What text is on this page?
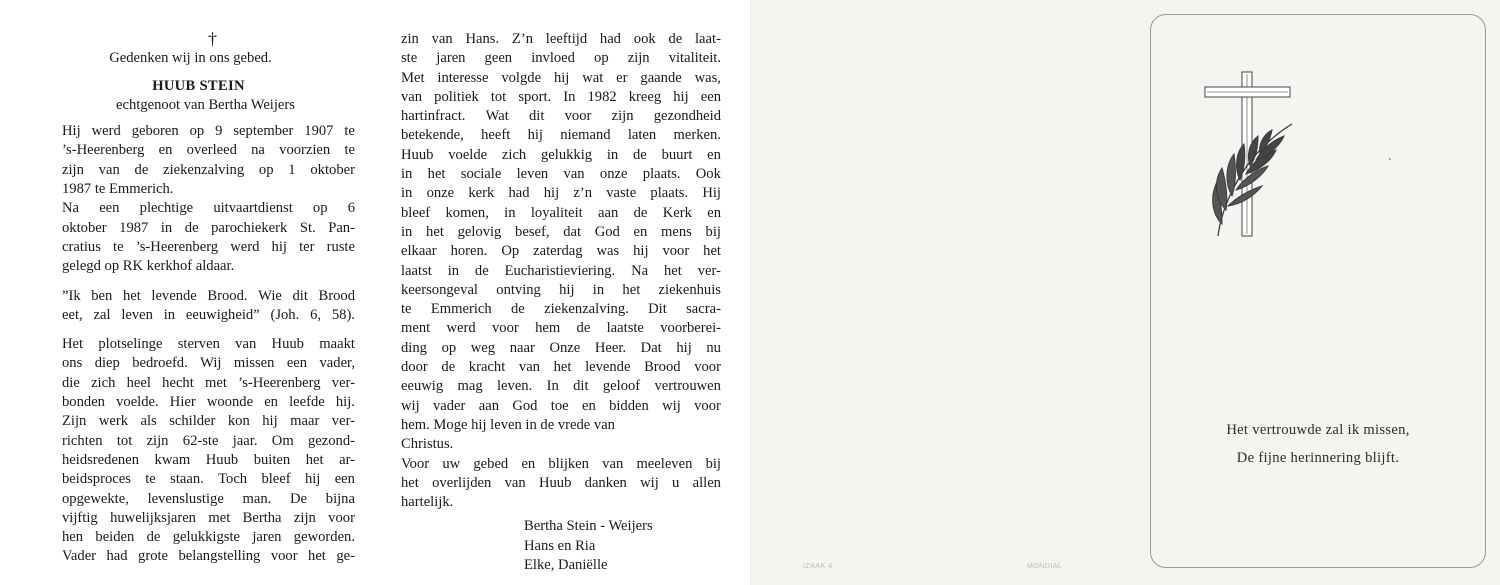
†
Gedenken wij in ons gebed.
HUUB STEIN
echtgenoot van Bertha Weijers
Hij werd geboren op 9 september 1907 te
’s-Heerenberg en overleed na voorzien te
zijn van de ziekenzalving op 1 oktober
1987 te Emmerich.
Na een plechtige uitvaartdienst op 6
oktober 1987 in de parochiekerk St. Pan-
cratius te ’s-Heerenberg werd hij ter ruste
gelegd op RK kerkhof aldaar.
”Ik ben het levende Brood. Wie dit Brood
eet, zal leven in eeuwigheid” (Joh. 6, 58).
Het plotselinge sterven van Huub maakt
ons diep bedroefd. Wij missen een vader,
die zich heel hecht met ’s-Heerenberg ver-
bonden voelde. Hier woonde en leefde hij.
Zijn werk als schilder kon hij maar ver-
richten tot zijn 62-ste jaar. Om gezond-
heidsredenen kwam Huub buiten het ar-
beidsproces te staan. Toch bleef hij een
opgewekte, levenslustige man. De bijna
vijftig huwelijksjaren met Bertha zijn voor
hen beiden de gelukkigste jaren geworden.
Vader had grote belangstelling voor het ge-
zin van Hans. Z’n leeftijd had ook de laat-
ste jaren geen invloed op zijn vitaliteit.
Met interesse volgde hij wat er gaande was,
van politiek tot sport. In 1982 kreeg hij een
hartinfract. Wat dit voor zijn gezondheid
betekende, heeft hij niemand laten merken.
Huub voelde zich gelukkig in de buurt en
in het sociale leven van onze plaats. Ook
in onze kerk had hij z’n vaste plaats. Hij
bleef komen, in loyaliteit aan de Kerk en
in het gelovig besef, dat God en mens bij
elkaar horen. Op zaterdag was hij voor het
laatst in de Eucharistieviering. Na het ver-
keersongeval ontving hij in het ziekenhuis
te Emmerich de ziekenzalving. Dit sacra-
ment werd voor hem de laatste voorberei-
ding op weg naar Onze Heer. Dat hij nu
door de kracht van het levende Brood voor
eeuwig mag leven. In dit geloof vertrouwen
wij vader aan God toe en bidden wij voor
hem. Moge hij leven in de vrede van
Christus.
Voor uw gebed en blijken van meeleven bij
het overlijden van Huub danken wij u allen
hartelijk.
Bertha Stein - Weijers
Hans en Ria
Elke, Daniëlle	IZAAK 4	MONDIAL
Het vertrouwde zal ik missen,
De fijne herinnering blijft.
